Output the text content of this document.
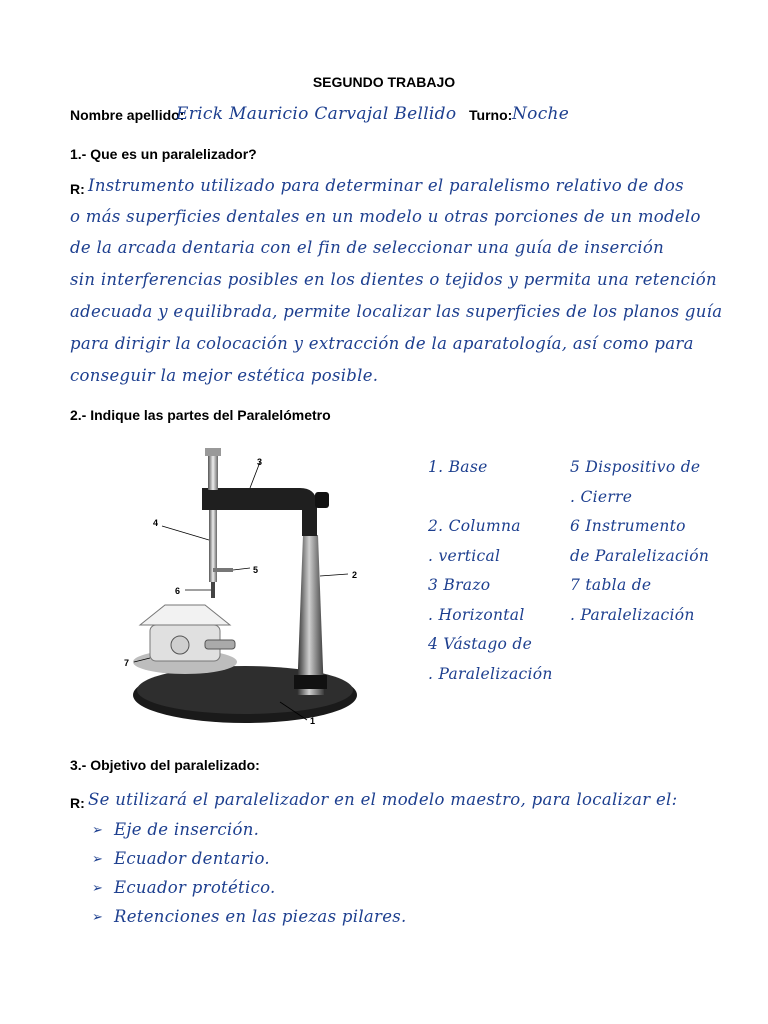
SEGUNDO TRABAJO
Nombre apellido:
Erick Mauricio Carvajal Bellido Turno: Noche
1.- Que es un paralelizador?
R: Instrumento utilizado para determinar el paralelismo relativo de dos
o más superficies dentales en un modelo u otras porciones de un modelo
de la arcada dentaria con el fin de seleccionar una guía de inserción
sin interferencias posibles en los dientes o tejidos y permita una retención
adecuada y equilibrada, permite localizar las superficies de los planos guía
para dirigir la colocación y extracción de la aparatología, así como para
conseguir la mejor estética posible.
2.- Indique las partes del Paralelómetro
3
4
5
6
2
7
1
1. Base
2. Columna
. vertical
3 Brazo
. Horizontal
4 Vástago de
. Paralelización
5 Dispositivo de
. Cierre
6 Instrumento
de Paralelización
7 tabla de
. Paralelización
3.- Objetivo del paralelizado:
R: Se utilizará el paralelizador en el modelo maestro, para localizar el:
➢ Eje de inserción.
➢ Ecuador dentario.
➢ Ecuador protético.
➢ Retenciones en las piezas pilares.
